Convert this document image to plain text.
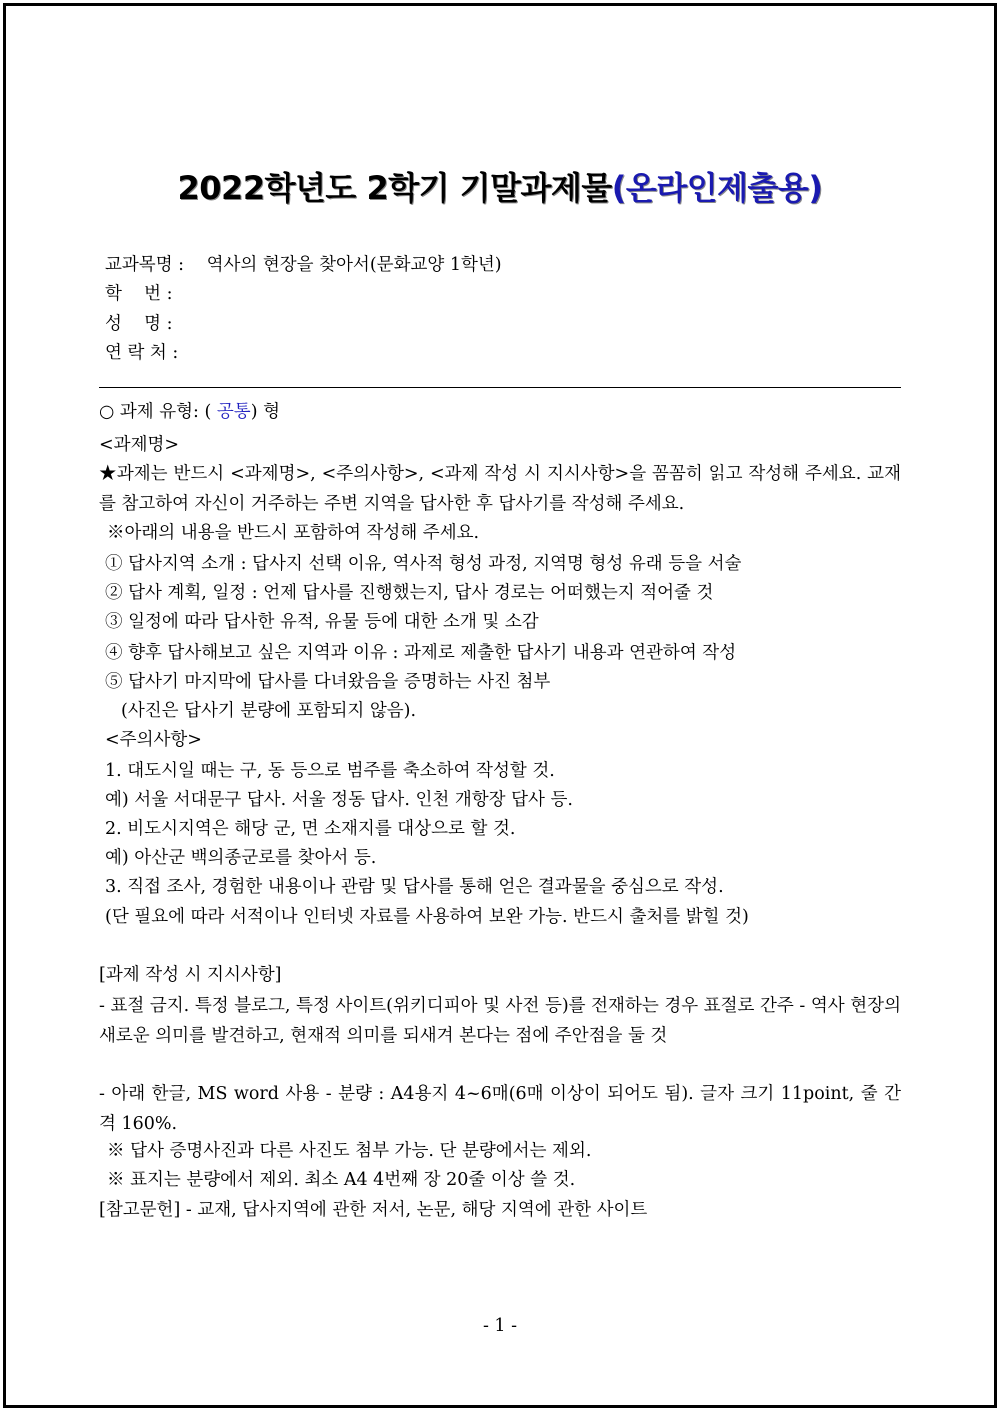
2022학년도 2학기 기말과제물(온라인제출용)
교과목명 : 역사의 현장을 찾아서(문화교양 1학년)
학    번 :
성    명 :
연 락 처 :
○ 과제 유형: ( 공통) 형
<과제명>
★과제는 반드시 <과제명>, <주의사항>, <과제 작성 시 지시사항>을 꼼꼼히 읽고 작성해 주세요. 교재를 참고하여 자신이 거주하는 주변 지역을 답사한 후 답사기를 작성해 주세요.
※아래의 내용을 반드시 포함하여 작성해 주세요.
① 답사지역 소개 : 답사지 선택 이유, 역사적 형성 과정, 지역명 형성 유래 등을 서술
② 답사 계획, 일정 : 언제 답사를 진행했는지, 답사 경로는 어떠했는지 적어줄 것
③ 일정에 따라 답사한 유적, 유물 등에 대한 소개 및 소감
④ 향후 답사해보고 싶은 지역과 이유 : 과제로 제출한 답사기 내용과 연관하여 작성
⑤ 답사기 마지막에 답사를 다녀왔음을 증명하는 사진 첨부
(사진은 답사기 분량에 포함되지 않음).
<주의사항>
1. 대도시일 때는 구, 동 등으로 범주를 축소하여 작성할 것.
예) 서울 서대문구 답사. 서울 정동 답사. 인천 개항장 답사 등.
2. 비도시지역은 해당 군, 면 소재지를 대상으로 할 것.
예) 아산군 백의종군로를 찾아서 등.
3. 직접 조사, 경험한 내용이나 관람 및 답사를 통해 얻은 결과물을 중심으로 작성.
(단 필요에 따라 서적이나 인터넷 자료를 사용하여 보완 가능. 반드시 출처를 밝힐 것)
[과제 작성 시 지시사항]
- 표절 금지. 특정 블로그, 특정 사이트(위키디피아 및 사전 등)를 전재하는 경우 표절로 간주 - 역사 현장의 새로운 의미를 발견하고, 현재적 의미를 되새겨 본다는 점에 주안점을 둘 것
- 아래 한글, MS word 사용 - 분량 : A4용지 4~6매(6매 이상이 되어도 됨). 글자 크기 11point, 줄 간격 160%.
※ 답사 증명사진과 다른 사진도 첨부 가능. 단 분량에서는 제외.
※ 표지는 분량에서 제외. 최소 A4 4번째 장 20줄 이상 쓸 것.
[참고문헌] - 교재, 답사지역에 관한 저서, 논문, 해당 지역에 관한 사이트
- 1 -
